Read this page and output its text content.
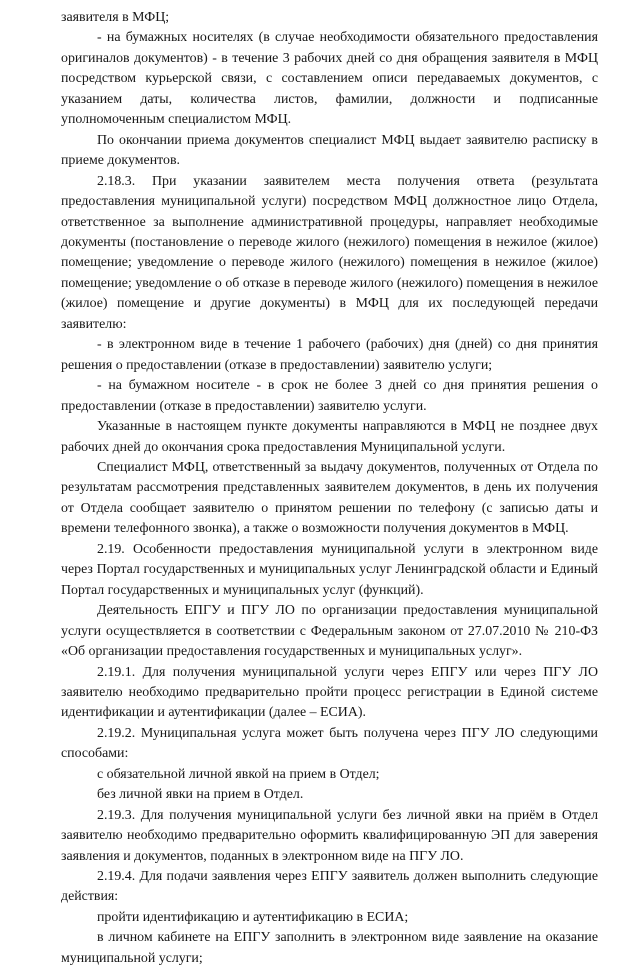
заявителя в МФЦ;

- на бумажных носителях (в случае необходимости обязательного предоставления оригиналов документов) - в течение 3 рабочих дней со дня обращения заявителя в МФЦ посредством курьерской связи, с составлением описи передаваемых документов, с указанием даты, количества листов, фамилии, должности и подписанные уполномоченным специалистом МФЦ.

По окончании приема документов специалист МФЦ выдает заявителю расписку в приеме документов.

2.18.3. При указании заявителем места получения ответа (результата предоставления муниципальной услуги) посредством МФЦ должностное лицо Отдела, ответственное за выполнение административной процедуры, направляет необходимые документы (постановление о переводе жилого (нежилого) помещения в нежилое (жилое) помещение; уведомление о переводе жилого (нежилого) помещения в нежилое (жилое) помещение; уведомление о об отказе в переводе жилого (нежилого) помещения в нежилое (жилое) помещение и другие документы) в МФЦ для их последующей передачи заявителю:

- в электронном виде в течение 1 рабочего (рабочих) дня (дней) со дня принятия решения о предоставлении (отказе в предоставлении) заявителю услуги;

- на бумажном носителе - в срок не более 3 дней со дня принятия решения о предоставлении (отказе в предоставлении) заявителю услуги.

Указанные в настоящем пункте документы направляются в МФЦ не позднее двух рабочих дней до окончания срока предоставления Муниципальной услуги.

Специалист МФЦ, ответственный за выдачу документов, полученных от Отдела по результатам рассмотрения представленных заявителем документов, в день их получения от Отдела сообщает заявителю о принятом решении по телефону (с записью даты и времени телефонного звонка), а также о возможности получения документов в МФЦ.

2.19. Особенности предоставления муниципальной услуги в электронном виде через Портал государственных и муниципальных услуг Ленинградской области и Единый Портал государственных и муниципальных услуг (функций).

Деятельность ЕПГУ и ПГУ ЛО по организации предоставления муниципальной услуги осуществляется в соответствии с Федеральным законом от 27.07.2010 № 210-ФЗ «Об организации предоставления государственных и муниципальных услуг».

2.19.1. Для получения муниципальной услуги через ЕПГУ или через ПГУ ЛО заявителю необходимо предварительно пройти процесс регистрации в Единой системе идентификации и аутентификации (далее – ЕСИА).

2.19.2. Муниципальная услуга может быть получена через ПГУ ЛО следующими способами:

с обязательной личной явкой на прием в Отдел;

без личной явки на прием в Отдел.

2.19.3. Для получения муниципальной услуги без личной явки на приём в Отдел заявителю необходимо предварительно оформить квалифицированную ЭП для заверения заявления и документов, поданных в электронном виде на ПГУ ЛО.

2.19.4. Для подачи заявления через ЕПГУ заявитель должен выполнить следующие действия:

пройти идентификацию и аутентификацию в ЕСИА;

в личном кабинете на ЕПГУ заполнить в электронном виде заявление на оказание муниципальной услуги;
